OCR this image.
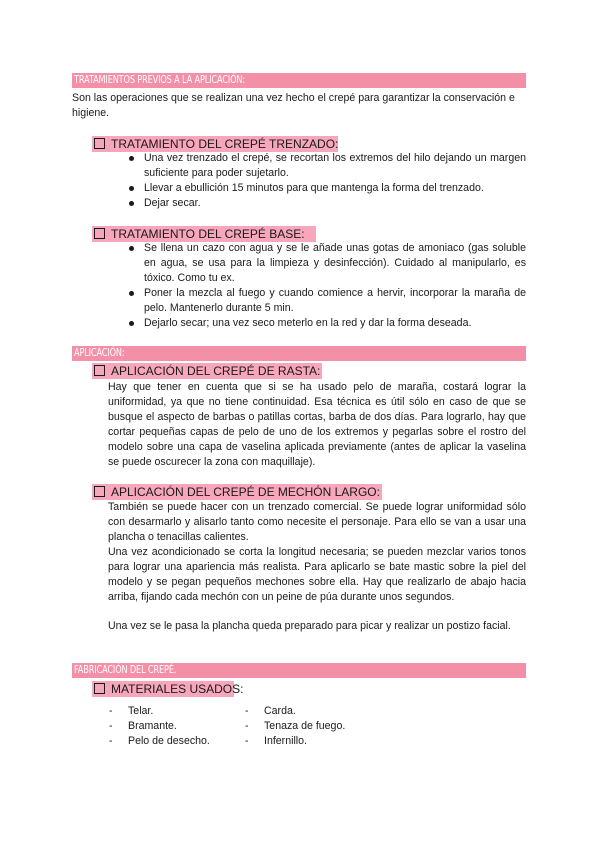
TRATAMIENTOS PREVIOS A LA APLICACIÓN:
Son las operaciones que se realizan una vez hecho el crepé para garantizar la conservación e higiene.
TRATAMIENTO DEL CREPÉ TRENZADO:
Una vez trenzado el crepé, se recortan los extremos del hilo dejando un margen suficiente para poder sujetarlo.
Llevar a ebullición 15 minutos para que mantenga la forma del trenzado.
Dejar secar.
TRATAMIENTO DEL CREPÉ BASE:
Se llena un cazo con agua y se le añade unas gotas de amoniaco (gas soluble en agua, se usa para la limpieza y desinfección). Cuidado al manipularlo, es tóxico. Como tu ex.
Poner la mezcla al fuego y cuando comience a hervir, incorporar la maraña de pelo. Mantenerlo durante 5 min.
Dejarlo secar; una vez seco meterlo en la red y dar la forma deseada.
APLICACIÓN:
APLICACIÓN DEL CREPÉ DE RASTA:
Hay que tener en cuenta que si se ha usado pelo de maraña, costará lograr la uniformidad, ya que no tiene continuidad. Esa técnica es útil sólo en caso de que se busque el aspecto de barbas o patillas cortas, barba de dos días. Para lograrlo, hay que cortar pequeñas capas de pelo de uno de los extremos y pegarlas sobre el rostro del modelo sobre una capa de vaselina aplicada previamente (antes de aplicar la vaselina se puede oscurecer la zona con maquillaje).
APLICACIÓN DEL CREPÉ DE MECHÓN LARGO:
También se puede hacer con un trenzado comercial. Se puede lograr uniformidad sólo con desarmarlo y alisarlo tanto como necesite el personaje. Para ello se van a usar una plancha o tenacillas calientes.
Una vez acondicionado se corta la longitud necesaria; se pueden mezclar varios tonos para lograr una apariencia más realista. Para aplicarlo se bate mastic sobre la piel del modelo y se pegan pequeños mechones sobre ella. Hay que realizarlo de abajo hacia arriba, fijando cada mechón con un peine de púa durante unos segundos.
Una vez se le pasa la plancha queda preparado para picar y realizar un postizo facial.
FABRICACIÓN DEL CREPÉ.
MATERIALES USADOS:
- Telar.
- Bramante.
- Pelo de desecho.
- Carda.
- Tenaza de fuego.
- Infernillo.
